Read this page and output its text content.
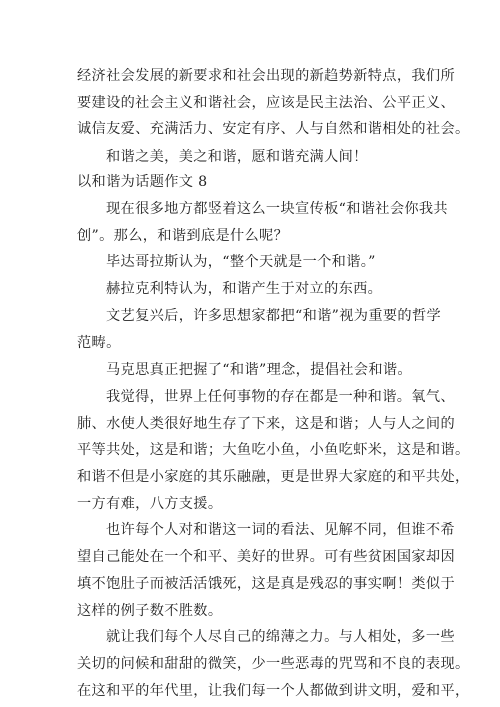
经济社会发展的新要求和社会出现的新趋势新特点，我们所
要建设的社会主义和谐社会，应该是民主法治、公平正义、
诚信友爱、充满活力、安定有序、人与自然和谐相处的社会。
和谐之美，美之和谐，愿和谐充满人间！
以和谐为话题作文 8
现在很多地方都竖着这么一块宣传板“和谐社会你我共
创”。那么，和谐到底是什么呢？
毕达哥拉斯认为，“整个天就是一个和谐。”
赫拉克利特认为，和谐产生于对立的东西。
文艺复兴后，许多思想家都把“和谐”视为重要的哲学
范畴。
马克思真正把握了“和谐”理念，提倡社会和谐。
我觉得，世界上任何事物的存在都是一种和谐。氧气、
肺、水使人类很好地生存了下来，这是和谐；人与人之间的
平等共处，这是和谐；大鱼吃小鱼，小鱼吃虾米，这是和谐。
和谐不但是小家庭的其乐融融，更是世界大家庭的和平共处，
一方有难，八方支援。
也许每个人对和谐这一词的看法、见解不同，但谁不希
望自己能处在一个和平、美好的世界。可有些贫困国家却因
填不饱肚子而被活活饿死，这是真是残忍的事实啊！类似于
这样的例子数不胜数。
就让我们每个人尽自己的绵薄之力。与人相处，多一些
关切的问候和甜甜的微笑，少一些恶毒的咒骂和不良的表现。
在这和平的年代里，让我们每一个人都做到讲文明，爱和平，
